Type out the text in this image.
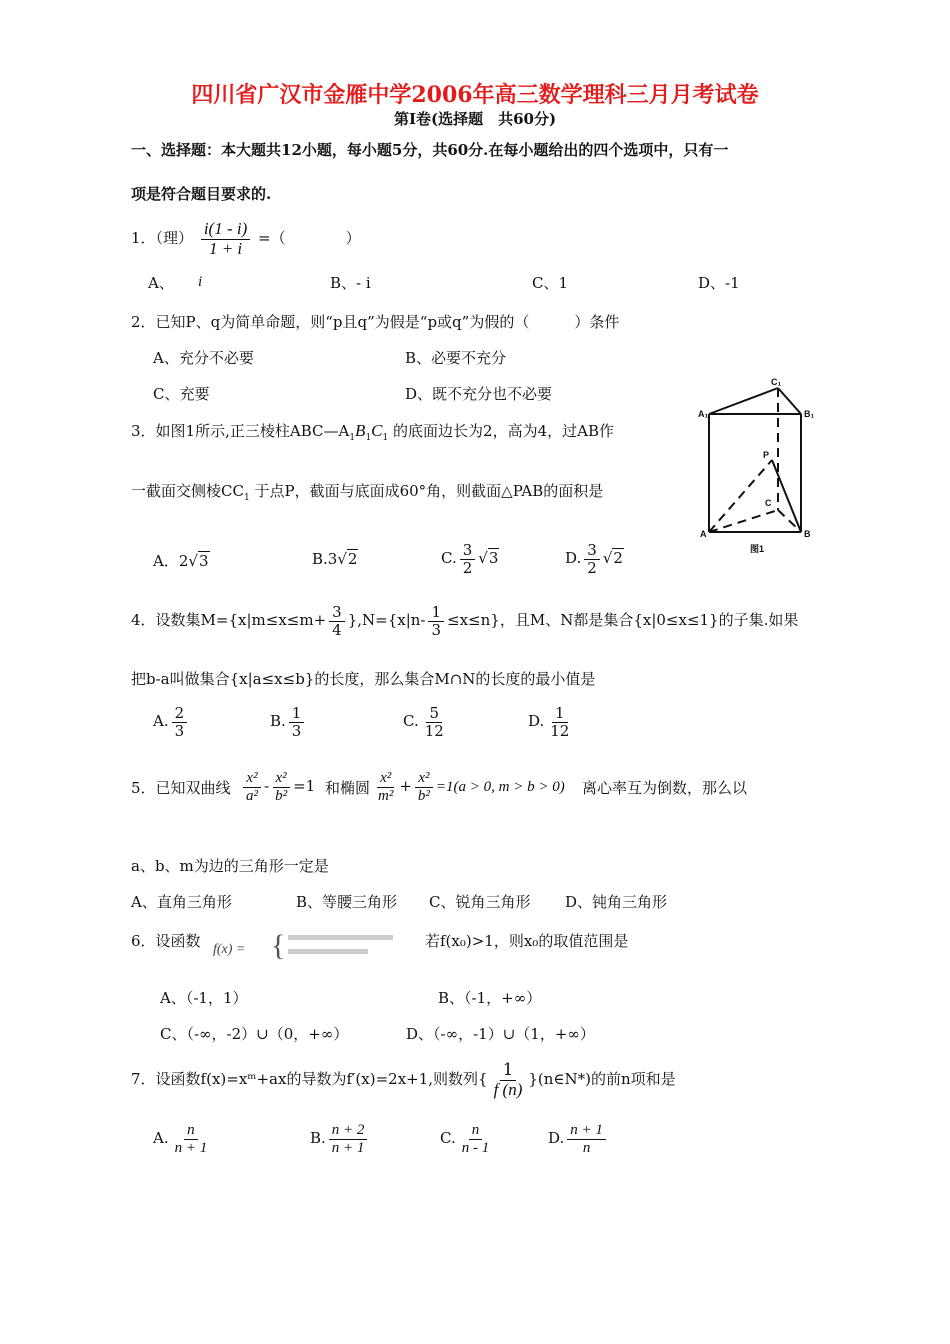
四川省广汉市金雁中学2006年高三数学理科三月月考试卷
第Ⅰ卷(选择题　共60分)
一、选择题：本大题共12小题，每小题5分，共60分.在每小题给出的四个选项中，只有一
项是符合题目要求的.
1．（理） $\frac{i(1 - i)}{1 + i}$ =（　　　　）
A、 i	B、- i	C、1	D、-1
2．已知P、q为简单命题，则“p且q”为假是“p或q”为假的（　　　）条件
A、充分不必要	B、必要不充分
C、充要	D、既不充分也不必要
3．如图1所示,正三棱柱$ABC—A_1B_1C_1$ 的底面边长为2，高为4，过AB作
一截面交侧棱$CC_1$ 于点P，截面与底面成60°角，则截面△PAB的面积是
A．2√3	B.3√2	C. $\frac{3}{2} √3$	D. $\frac{3}{2} √2$
C₁
A₁	B₁
P
C
A	B
图1
4．设数集$M=\{x|m\le x\le m+ \frac{3}{4} \},N=\{x|n- \frac{1}{3} \le x\le n\}$，且M、N都是集合{x|0≤x≤1}的子集.如果
把b-a叫做集合{x|a≤x≤b}的长度，那么集合M∩N的长度的最小值是
A. $\frac{2}{3}$	B. $\frac{1}{3}$	C. $\frac{5}{12}$	D. $\frac{1}{12}$
5．已知双曲线 $\frac{\text{x²}}{\text{a²}} - \frac{\text{x²}}{\text{b²}} =1$ 和椭圆 $\frac{\text{x²}}{\text{m²}} + \frac{\text{x²}}{\text{b²}} =1(a > 0$, m > b > 0) 离心率互为倒数，那么以
a、b、m为边的三角形一定是
A、直角三角形	B、等腰三角形 C、锐角三角形 D、钝角三角形
6．设函数 f(x) = {	若f(x₀)>1，则x₀的取值范围是
A、（-1，1）	B、（-1，+∞）
C、（-∞，-2）∪（0，+∞）	D、（-∞，-1）∪（1，+∞）
7．设函数f(x)=xᵐ+ax的导数为f′(x)=2x+1,则数列{ $\frac{1}{f (n)}$ }(n∈N*)的前n项和是
A. $\frac{n}{n + 1}$	B. $\frac{n + 2}{n + 1}$	C. $\frac{n}{n - 1}$	D. $\frac{n + 1}{n}$
